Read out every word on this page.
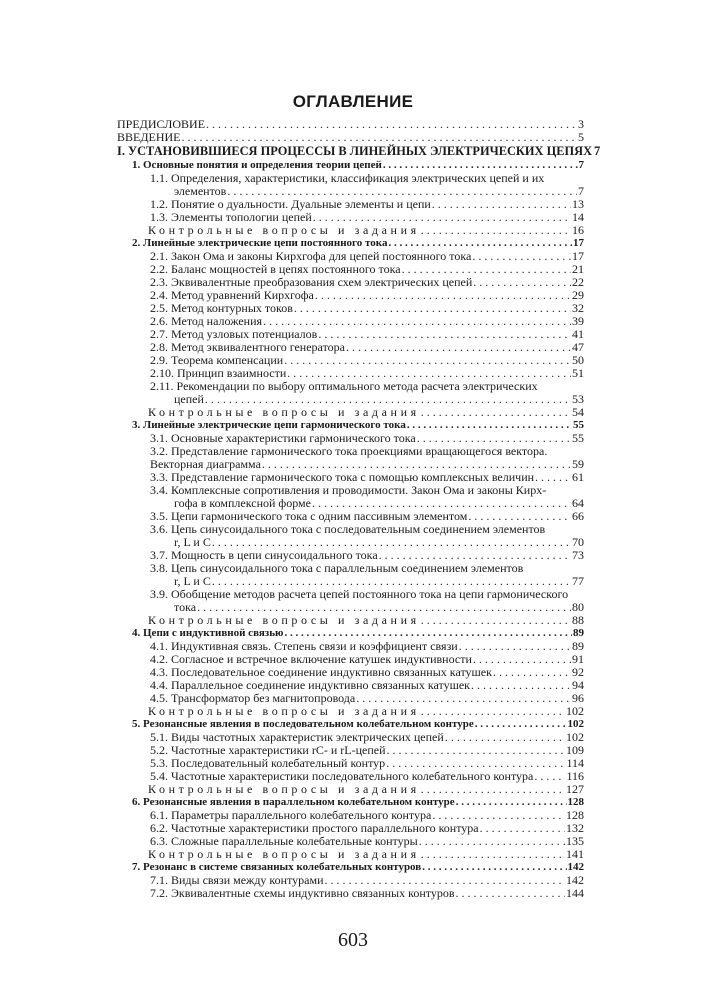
ОГЛАВЛЕНИЕ
ПРЕДИСЛОВИЕ . . .	3
ВВЕДЕНИЕ . . .	5
I. УСТАНОВИВШИЕСЯ ПРОЦЕССЫ В ЛИНЕЙНЫХ ЭЛЕКТРИЧЕСКИХ ЦЕПЯХ 7
1. Основные понятия и определения теории цепей . . .	7
1.1. Определения, характеристики, классификация электрических цепей и их
элементов . . .	7
1.2. Понятие о дуальности. Дуальные элементы и цепи . . .	13
1.3. Элементы топологии цепей . . .	14
Контрольные вопросы и задания . . .	16
2. Линейные электрические цепи постоянного тока . . .	17
2.1. Закон Ома и законы Кирхгофа для цепей постоянного тока . . .	17
2.2. Баланс мощностей в цепях постоянного тока . . .	21
2.3. Эквивалентные преобразования схем электрических цепей . . .	22
2.4. Метод уравнений Кирхгофа . . .	29
2.5. Метод контурных токов . . .	32
2.6. Метод наложения . . .	39
2.7. Метод узловых потенциалов . . .	41
2.8. Метод эквивалентного генератора . . .	47
2.9. Теорема компенсации . . .	50
2.10. Принцип взаимности . . .	51
2.11. Рекомендации по выбору оптимального метода расчета электрических
цепей . . .	53
Контрольные вопросы и задания . . .	54
3. Линейные электрические цепи гармонического тока . . .	55
3.1. Основные характеристики гармонического тока . . .	55
3.2. Представление гармонического тока проекциями вращающегося вектора.
Векторная диаграмма . . .	59
3.3. Представление гармонического тока с помощью комплексных величин . . .	61
3.4. Комплексные сопротивления и проводимости. Закон Ома и законы Кирх-
гофа в комплексной форме . . .	64
3.5. Цепи гармонического тока с одним пассивным элементом . . .	66
3.6. Цепь синусоидального тока с последовательным соединением элементов
r, L и C . . .	70
3.7. Мощность в цепи синусоидального тока . . .	73
3.8. Цепь синусоидального тока с параллельным соединением элементов
r, L и C . . .	77
3.9. Обобщение методов расчета цепей постоянного тока на цепи гармонического
тока . . .	80
Контрольные вопросы и задания . . .	88
4. Цепи с индуктивной связью . . .	89
4.1. Индуктивная связь. Степень связи и коэффициент связи . . .	89
4.2. Согласное и встречное включение катушек индуктивности . . .	91
4.3. Последовательное соединение индуктивно связанных катушек . . .	92
4.4. Параллельное соединение индуктивно связанных катушек . . .	94
4.5. Трансформатор без магнитопровода . . .	96
Контрольные вопросы и задания . . .	102
5. Резонансные явления в последовательном колебательном контуре . . .	102
5.1. Виды частотных характеристик электрических цепей . . .	102
5.2. Частотные характеристики rC- и rL-цепей . . .	109
5.3. Последовательный колебательный контур . . .	114
5.4. Частотные характеристики последовательного колебательного контура . . .	116
Контрольные вопросы и задания . . .	127
6. Резонансные явления в параллельном колебательном контуре . . .	128
6.1. Параметры параллельного колебательного контура . . .	128
6.2. Частотные характеристики простого параллельного контура . . .	132
6.3. Сложные параллельные колебательные контуры . . .	135
Контрольные вопросы и задания . . .	141
7. Резонанс в системе связанных колебательных контуров . . .	142
7.1. Виды связи между контурами . . .	142
7.2. Эквивалентные схемы индуктивно связанных контуров . . .	144
603
